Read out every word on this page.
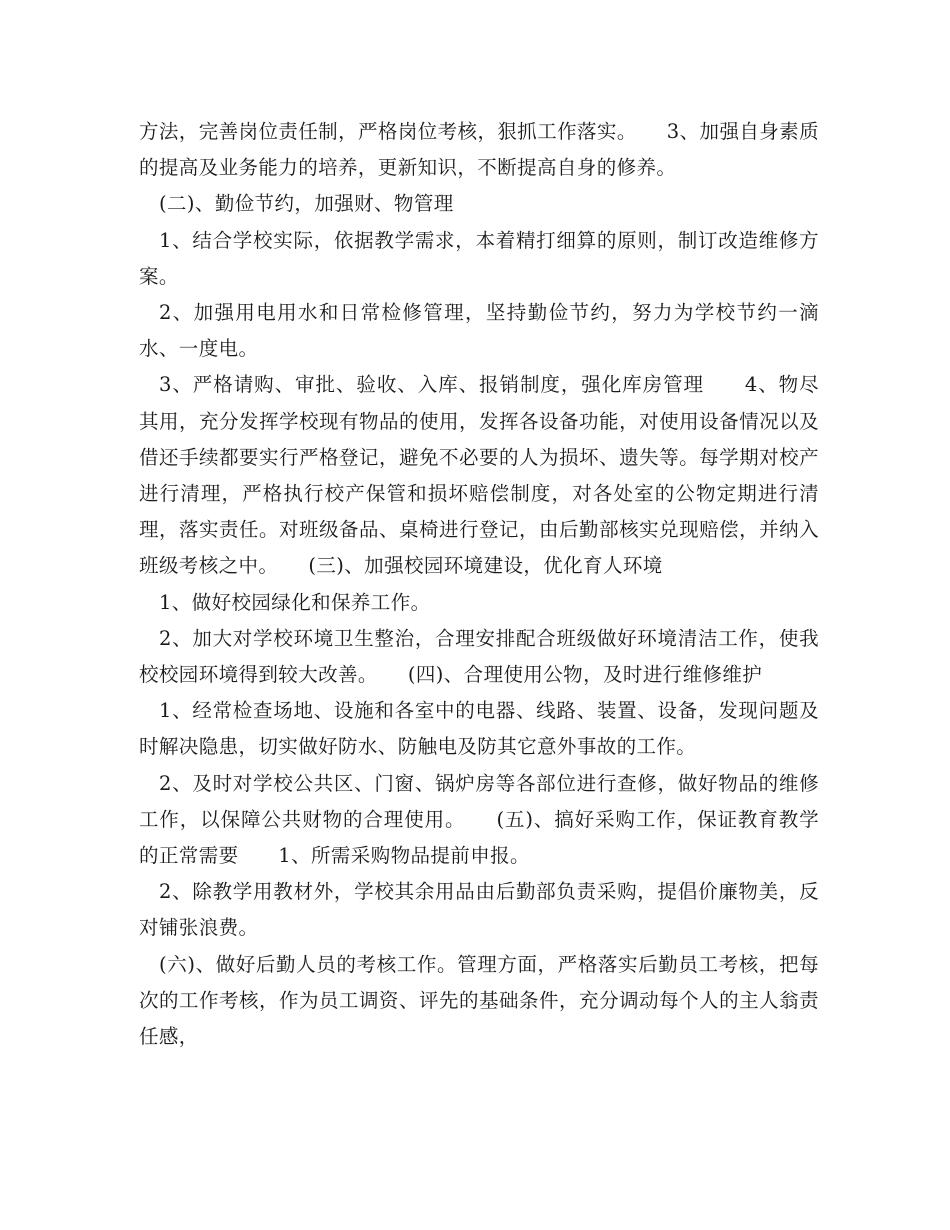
方法，完善岗位责任制，严格岗位考核，狠抓工作落实。　　3、加强自身素质的提高及业务能力的培养，更新知识，不断提高自身的修养。

(二)、勤俭节约，加强财、物管理

1、结合学校实际，依据教学需求，本着精打细算的原则，制订改造维修方案。

2、加强用电用水和日常检修管理，坚持勤俭节约，努力为学校节约一滴水、一度电。

3、严格请购、审批、验收、入库、报销制度，强化库房管理　　4、物尽其用，充分发挥学校现有物品的使用，发挥各设备功能，对使用设备情况以及借还手续都要实行严格登记，避免不必要的人为损坏、遗失等。每学期对校产进行清理，严格执行校产保管和损坏赔偿制度，对各处室的公物定期进行清理，落实责任。对班级备品、桌椅进行登记，由后勤部核实兑现赔偿，并纳入班级考核之中。　　(三)、加强校园环境建设，优化育人环境

1、做好校园绿化和保养工作。

2、加大对学校环境卫生整治，合理安排配合班级做好环境清洁工作，使我校校园环境得到较大改善。　　(四)、合理使用公物，及时进行维修维护

1、经常检查场地、设施和各室中的电器、线路、装置、设备，发现问题及时解决隐患，切实做好防水、防触电及防其它意外事故的工作。

2、及时对学校公共区、门窗、锅炉房等各部位进行查修，做好物品的维修工作，以保障公共财物的合理使用。　　(五)、搞好采购工作，保证教育教学的正常需要　　1、所需采购物品提前申报。

2、除教学用教材外，学校其余用品由后勤部负责采购，提倡价廉物美，反对铺张浪费。

(六)、做好后勤人员的考核工作。管理方面，严格落实后勤员工考核，把每次的工作考核，作为员工调资、评先的基础条件，充分调动每个人的主人翁责任感，
